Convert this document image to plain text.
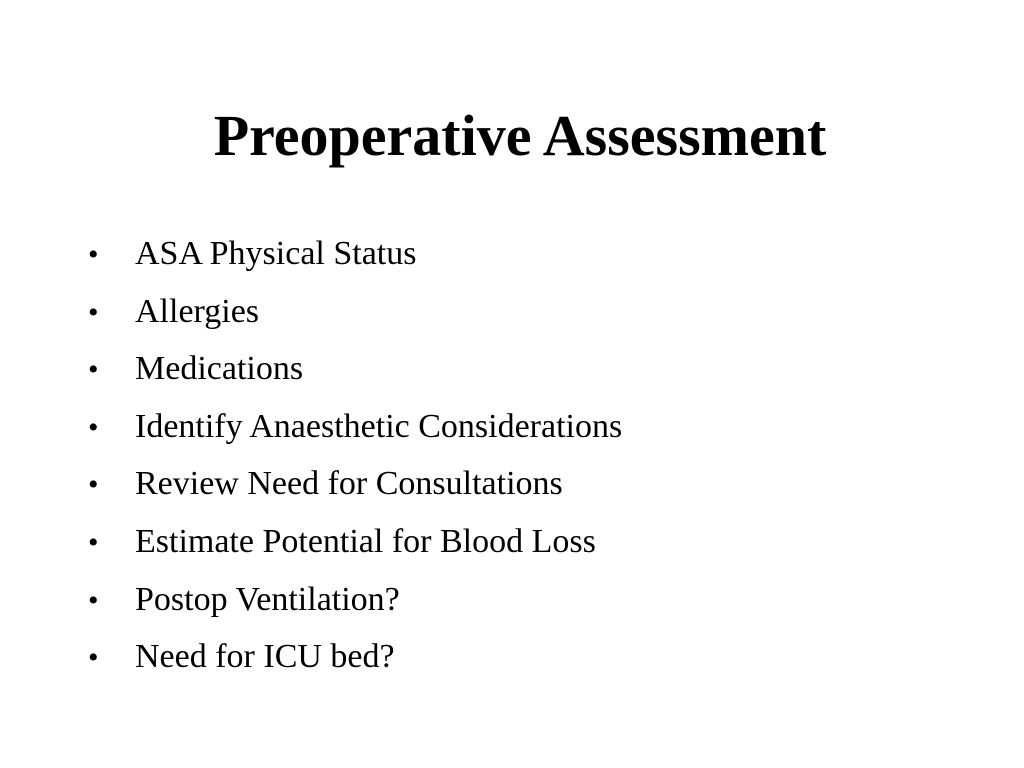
Preoperative Assessment
•	ASA Physical Status
•	Allergies
•	Medications
•	Identify Anaesthetic Considerations
•	Review Need for Consultations
•	Estimate Potential for Blood Loss
•	Postop Ventilation?
•	Need for ICU bed?
